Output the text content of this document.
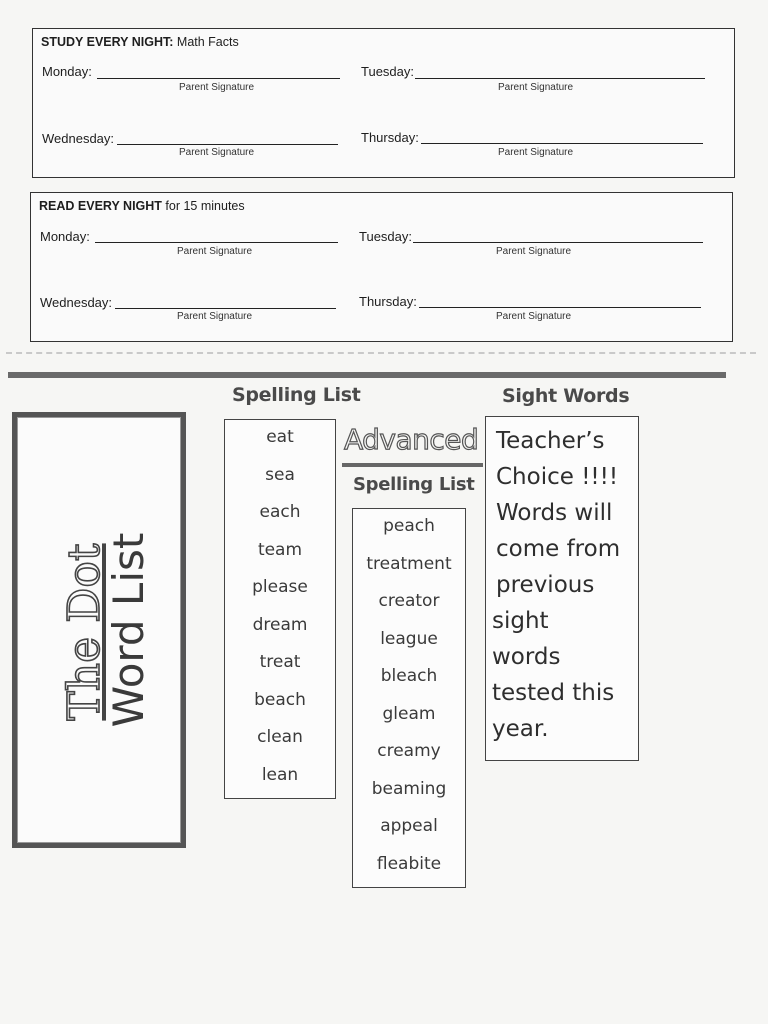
STUDY EVERY NIGHT: Math Facts
Monday:
Parent Signature
Tuesday:
Parent Signature
Wednesday:
Parent Signature
Thursday:
Parent Signature
READ EVERY NIGHT for 15 minutes
Monday:
Parent Signature
Tuesday:
Parent Signature
Wednesday:
Parent Signature
Thursday:
Parent Signature
The Dot
Word List
Spelling List
eat
sea
each
team
please
dream
treat
beach
clean
lean
Advanced
Spelling List
peach
treatment
creator
league
bleach
gleam
creamy
beaming
appeal
fleabite
Sight Words
Teacher’s
Choice !!!!
Words will
come from
previous
sight
words
tested this
year.
